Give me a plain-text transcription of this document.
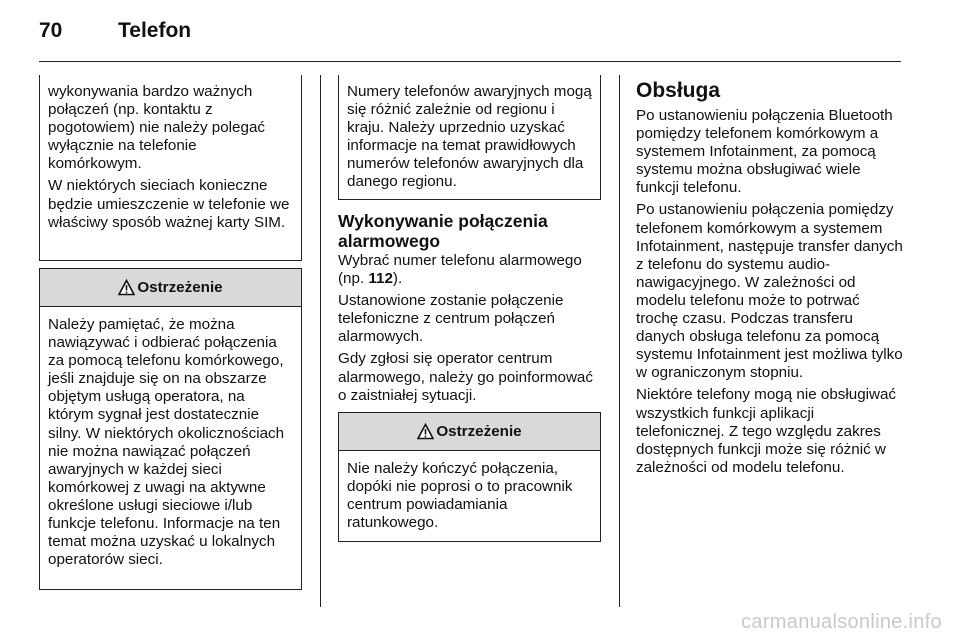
70	Telefon

wykonywania bardzo ważnych połączeń (np. kontaktu z pogotowiem) nie należy polegać wyłącznie na telefonie komórkowym.

W niektórych sieciach konieczne będzie umieszczenie w telefonie we właściwy sposób ważnej karty SIM.

Ostrzeżenie

Należy pamiętać, że można nawiązywać i odbierać połączenia za pomocą telefonu komórkowego, jeśli znajduje się on na obszarze objętym usługą operatora, na którym sygnał jest dostatecznie silny. W niektórych okolicznościach nie można nawiązać połączeń awaryjnych w każdej sieci komórkowej z uwagi na aktywne określone usługi sieciowe i/lub funkcje telefonu. Informacje na ten temat można uzyskać u lokalnych operatorów sieci.

Numery telefonów awaryjnych mogą się różnić zależnie od regionu i kraju. Należy uprzednio uzyskać informacje na temat prawidłowych numerów telefonów awaryjnych dla danego regionu.

Wykonywanie połączenia alarmowego

Wybrać numer telefonu alarmowego (np. 112).

Ustanowione zostanie połączenie telefoniczne z centrum połączeń alarmowych.

Gdy zgłosi się operator centrum alarmowego, należy go poinformować o zaistniałej sytuacji.

Ostrzeżenie

Nie należy kończyć połączenia, dopóki nie poprosi o to pracownik centrum powiadamiania ratunkowego.

Obsługa

Po ustanowieniu połączenia Bluetooth pomiędzy telefonem komórkowym a systemem Infotainment, za pomocą systemu można obsługiwać wiele funkcji telefonu.

Po ustanowieniu połączenia pomiędzy telefonem komórkowym a systemem Infotainment, następuje transfer danych z telefonu do systemu audio-nawigacyjnego. W zależności od modelu telefonu może to potrwać trochę czasu. Podczas transferu danych obsługa telefonu za pomocą systemu Infotainment jest możliwa tylko w ograniczonym stopniu.

Niektóre telefony mogą nie obsługiwać wszystkich funkcji aplikacji telefonicznej. Z tego względu zakres dostępnych funkcji może się różnić w zależności od modelu telefonu.

carmanualsonline.info
